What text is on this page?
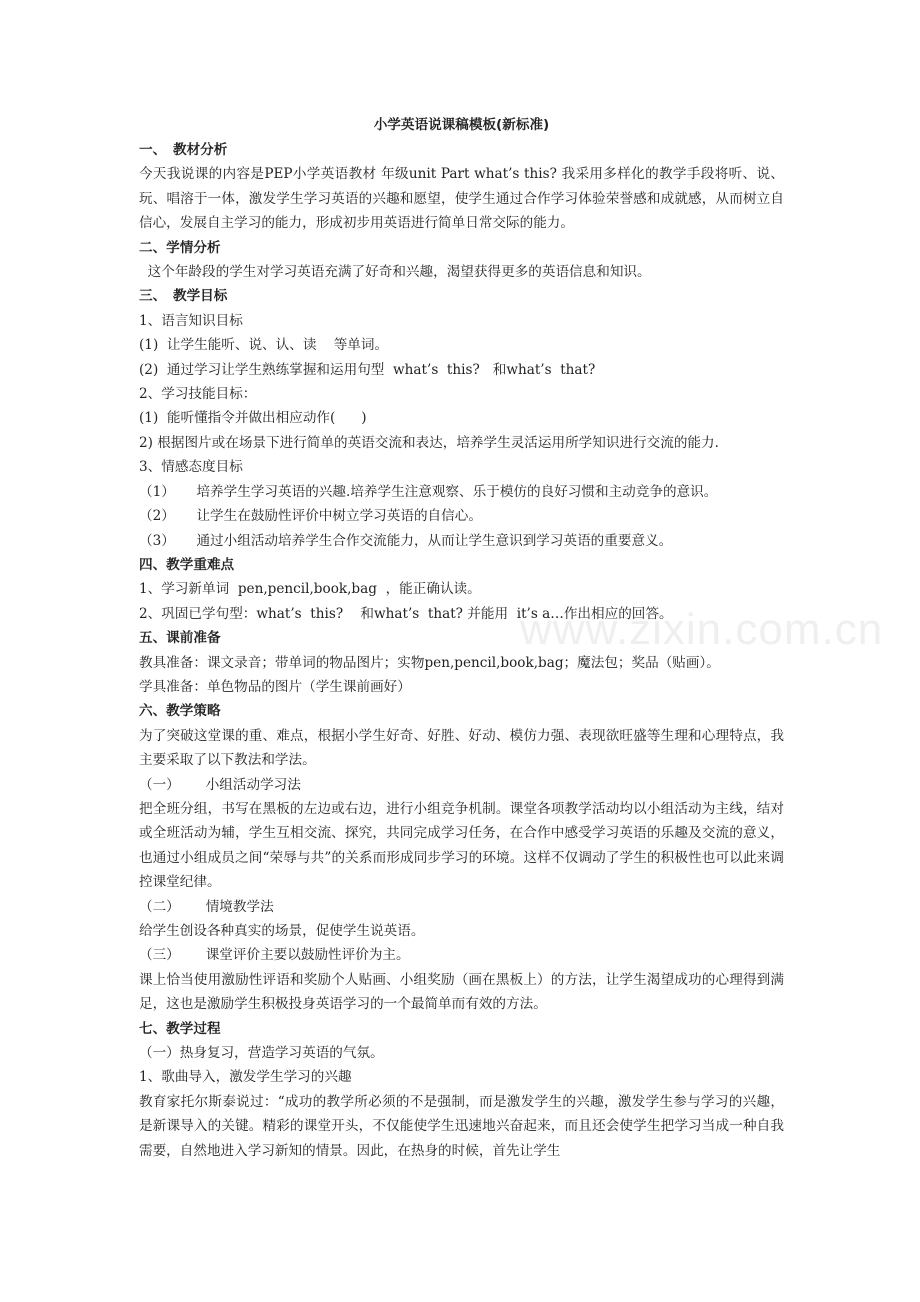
www.zixin.com.cn
小学英语说课稿模板(新标准)
一、　教材分析
今天我说课的内容是PEP小学英语教材 年级unit Part what’s this? 我采用多样化的教学手段将听、说、玩、唱溶于一体，激发学生学习英语的兴趣和愿望，使学生通过合作学习体验荣誉感和成就感，从而树立自信心，发展自主学习的能力，形成初步用英语进行简单日常交际的能力。
二、学情分析
这个年龄段的学生对学习英语充满了好奇和兴趣，渴望获得更多的英语信息和知识。
三、　教学目标
1、语言知识目标
(1)  让学生能听、说、认、读    等单词。
(2)  通过学习让学生熟练掌握和运用句型  what’s  this?   和what’s  that?
2、学习技能目标：
(1)  能听懂指令并做出相应动作(      )
2) 根据图片或在场景下进行简单的英语交流和表达，培养学生灵活运用所学知识进行交流的能力.
3、情感态度目标
（1）     培养学生学习英语的兴趣.培养学生注意观察、乐于模仿的良好习惯和主动竞争的意识。
（2）     让学生在鼓励性评价中树立学习英语的自信心。
（3）     通过小组活动培养学生合作交流能力，从而让学生意识到学习英语的重要意义。
四、教学重难点
1、学习新单词  pen,pencil,book,bag  ，能正确认读。
2、巩固已学句型：what’s  this?    和what’s  that? 并能用  it’s a…作出相应的回答。
五、课前准备
教具准备：课文录音；带单词的物品图片；实物pen,pencil,book,bag；魔法包；奖品（贴画）。
学具准备：单色物品的图片（学生课前画好）
六、教学策略
为了突破这堂课的重、难点，根据小学生好奇、好胜、好动、模仿力强、表现欲旺盛等生理和心理特点，我主要采取了以下教法和学法。
（一）      小组活动学习法
把全班分组，书写在黑板的左边或右边，进行小组竞争机制。课堂各项教学活动均以小组活动为主线，结对或全班活动为辅，学生互相交流、探究，共同完成学习任务，在合作中感受学习英语的乐趣及交流的意义，也通过小组成员之间“荣辱与共”的关系而形成同步学习的环境。这样不仅调动了学生的积极性也可以此来调控课堂纪律。
（二）      情境教学法
给学生创设各种真实的场景，促使学生说英语。
（三）      课堂评价主要以鼓励性评价为主。
课上恰当使用激励性评语和奖励个人贴画、小组奖励（画在黑板上）的方法，让学生渴望成功的心理得到满足，这也是激励学生积极投身英语学习的一个最简单而有效的方法。
七、教学过程
（一）热身复习，营造学习英语的气氛。
1、歌曲导入，激发学生学习的兴趣
教育家托尔斯泰说过：“成功的教学所必须的不是强制，而是激发学生的兴趣，激发学生参与学习的兴趣，是新课导入的关键。精彩的课堂开头，不仅能使学生迅速地兴奋起来，而且还会使学生把学习当成一种自我需要，自然地进入学习新知的情景。因此，在热身的时候，首先让学生
